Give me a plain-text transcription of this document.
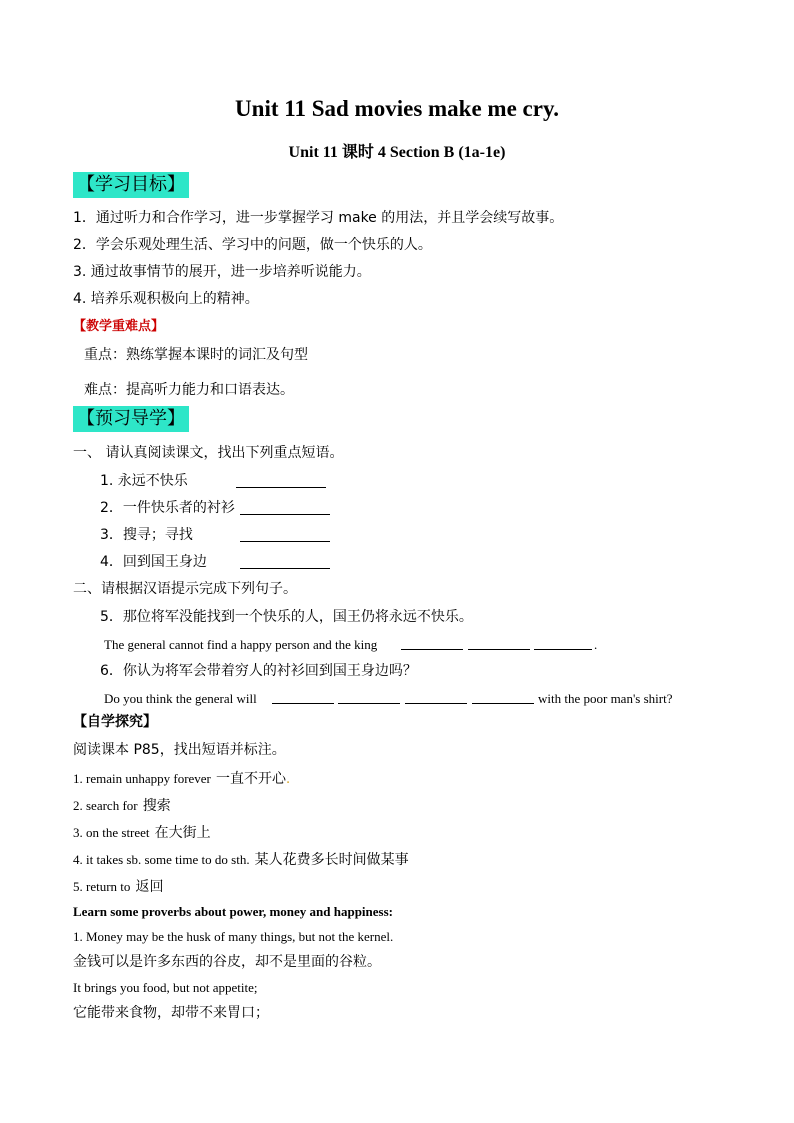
Unit 11 Sad movies make me cry.
Unit 11 课时 4 Section B (1a-1e)
【学习目标】
1．通过听力和合作学习，进一步掌握学习 make 的用法，并且学会续写故事。
2．学会乐观处理生活、学习中的问题，做一个快乐的人。
3. 通过故事情节的展开，进一步培养听说能力。
4. 培养乐观积极向上的精神。
【教学重难点】
重点：熟练掌握本课时的词汇及句型
难点：提高听力能力和口语表达。
【预习导学】
一、 请认真阅读课文，找出下列重点短语。
1. 永远不快乐
2．一件快乐者的衬衫
3．搜寻；寻找
4．回到国王身边
二、请根据汉语提示完成下列句子。
5．那位将军没能找到一个快乐的人，国王仍将永远不快乐。
The general cannot find a happy person and the king	.
6．你认为将军会带着穷人的衬衫回到国王身边吗？
Do you think the general will	with the poor man's shirt?
【自学探究】
阅读课本 P85，找出短语并标注。
1. remain unhappy forever 一直不开心.
2. search for 搜索
3. on the street 在大街上
4. it takes sb. some time to do sth. 某人花费多长时间做某事
5. return to 返回
Learn some proverbs about power, money and happiness:
1. Money may be the husk of many things, but not the kernel.
金钱可以是许多东西的谷皮，却不是里面的谷粒。
It brings you food, but not appetite;
它能带来食物，却带不来胃口；
